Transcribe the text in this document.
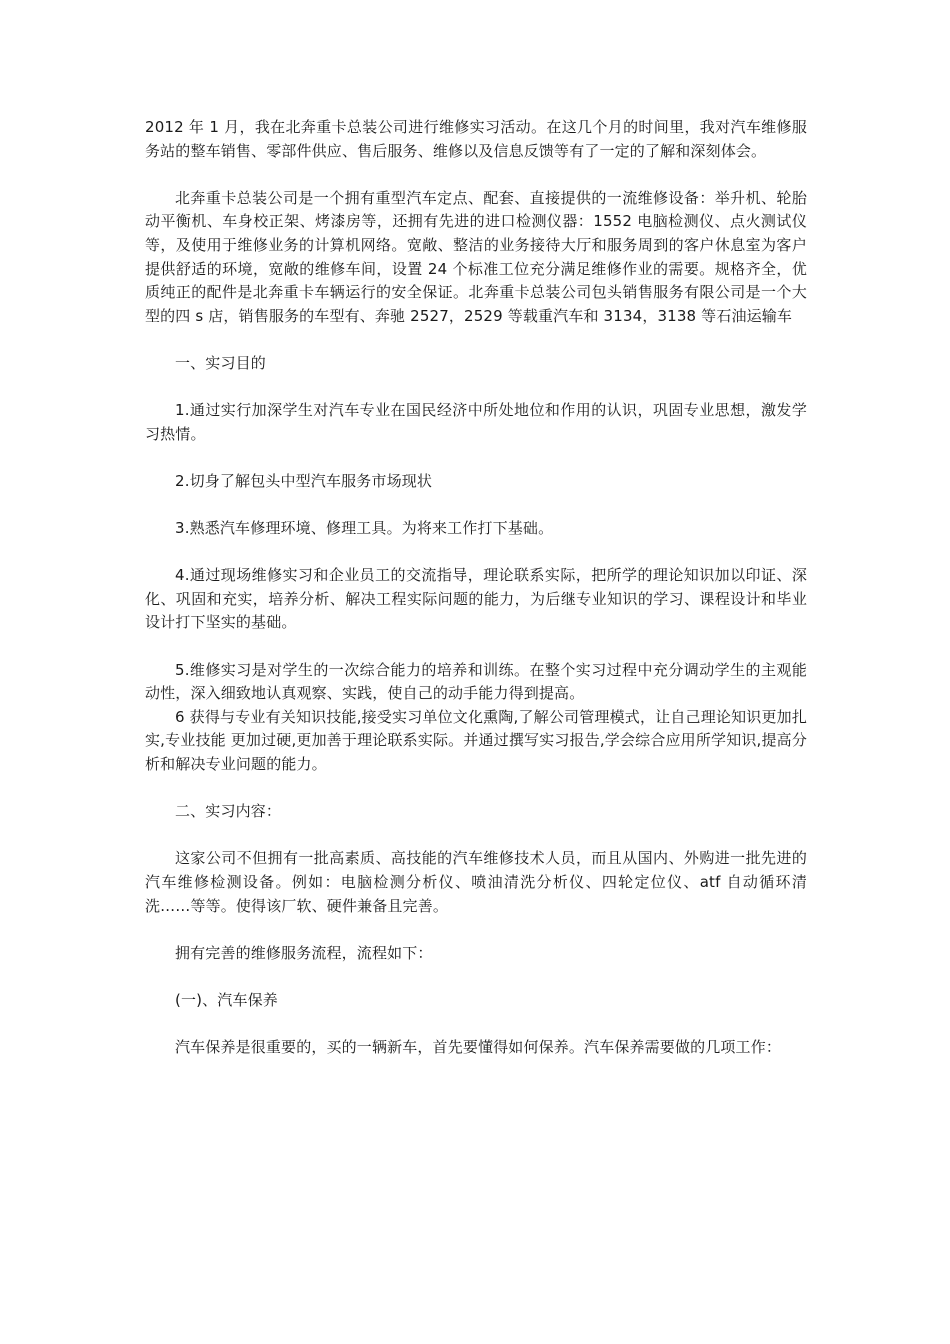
2012 年 1 月，我在北奔重卡总装公司进行维修实习活动。在这几个月的时间里，我对汽车维修服务站的整车销售、零部件供应、售后服务、维修以及信息反馈等有了一定的了解和深刻体会。

北奔重卡总装公司是一个拥有重型汽车定点、配套、直接提供的一流维修设备：举升机、轮胎动平衡机、车身校正架、烤漆房等，还拥有先进的进口检测仪器：1552 电脑检测仪、点火测试仪等，及使用于维修业务的计算机网络。宽敞、整洁的业务接待大厅和服务周到的客户休息室为客户提供舒适的环境，宽敞的维修车间，设置 24 个标准工位充分满足维修作业的需要。规格齐全，优质纯正的配件是北奔重卡车辆运行的安全保证。北奔重卡总装公司包头销售服务有限公司是一个大型的四 s 店，销售服务的车型有、奔驰 2527，2529 等载重汽车和 3134，3138 等石油运输车

一、实习目的

1.通过实行加深学生对汽车专业在国民经济中所处地位和作用的认识，巩固专业思想，激发学习热情。

2.切身了解包头中型汽车服务市场现状

3.熟悉汽车修理环境、修理工具。为将来工作打下基础。

4.通过现场维修实习和企业员工的交流指导，理论联系实际，把所学的理论知识加以印证、深化、巩固和充实，培养分析、解决工程实际问题的能力，为后继专业知识的学习、课程设计和毕业设计打下坚实的基础。

5.维修实习是对学生的一次综合能力的培养和训练。在整个实习过程中充分调动学生的主观能动性，深入细致地认真观察、实践，使自己的动手能力得到提高。

6 获得与专业有关知识技能,接受实习单位文化熏陶,了解公司管理模式，让自己理论知识更加扎实,专业技能 更加过硬,更加善于理论联系实际。并通过撰写实习报告,学会综合应用所学知识,提高分析和解决专业问题的能力。

二、实习内容：

这家公司不但拥有一批高素质、高技能的汽车维修技术人员，而且从国内、外购进一批先进的汽车维修检测设备。例如：电脑检测分析仪、喷油清洗分析仪、四轮定位仪、atf 自动循环清洗……等等。使得该厂软、硬件兼备且完善。

拥有完善的维修服务流程，流程如下：

(一)、汽车保养

汽车保养是很重要的，买的一辆新车，首先要懂得如何保养。汽车保养需要做的几项工作：
